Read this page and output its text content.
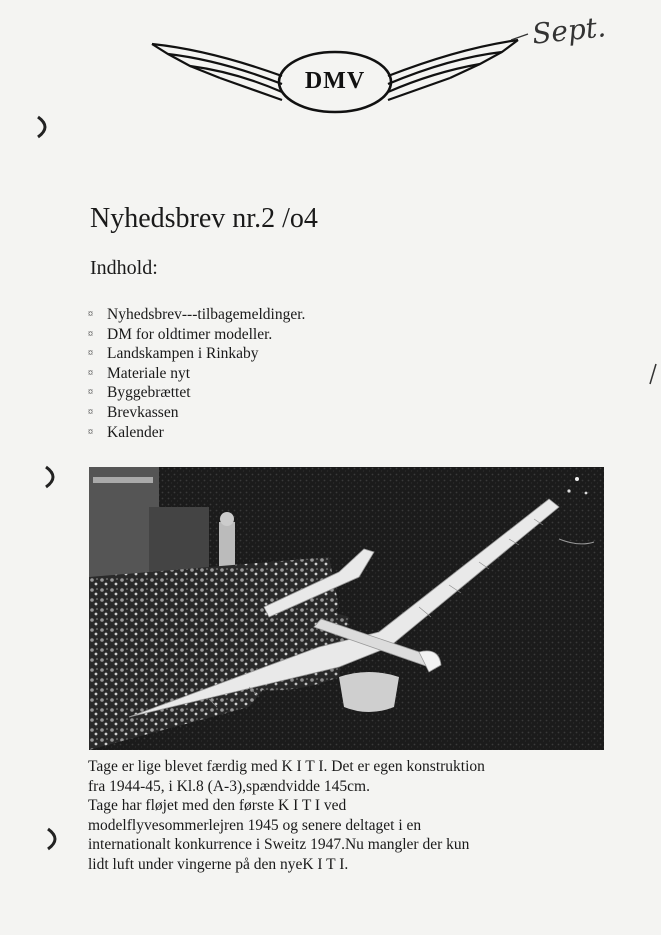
DMV
Sept.
Nyhedsbrev nr.2 /o4
Indhold:
¤ Nyhedsbrev---tilbagemeldinger.
¤ DM for oldtimer modeller.
¤ Landskampen i Rinkaby
¤ Materiale nyt
¤ Byggebrættet
¤ Brevkassen
¤ Kalender

Tage er lige blevet færdig med K I T I. Det er egen konstruktion
fra 1944-45, i Kl.8 (A-3),spændvidde 145cm.
Tage har fløjet med den første K I T I ved
modelflyvesommerlejren 1945 og senere deltaget i en
internationalt konkurrence i Sweitz 1947.Nu mangler der kun
lidt luft under vingerne på den nyeK I T I.
